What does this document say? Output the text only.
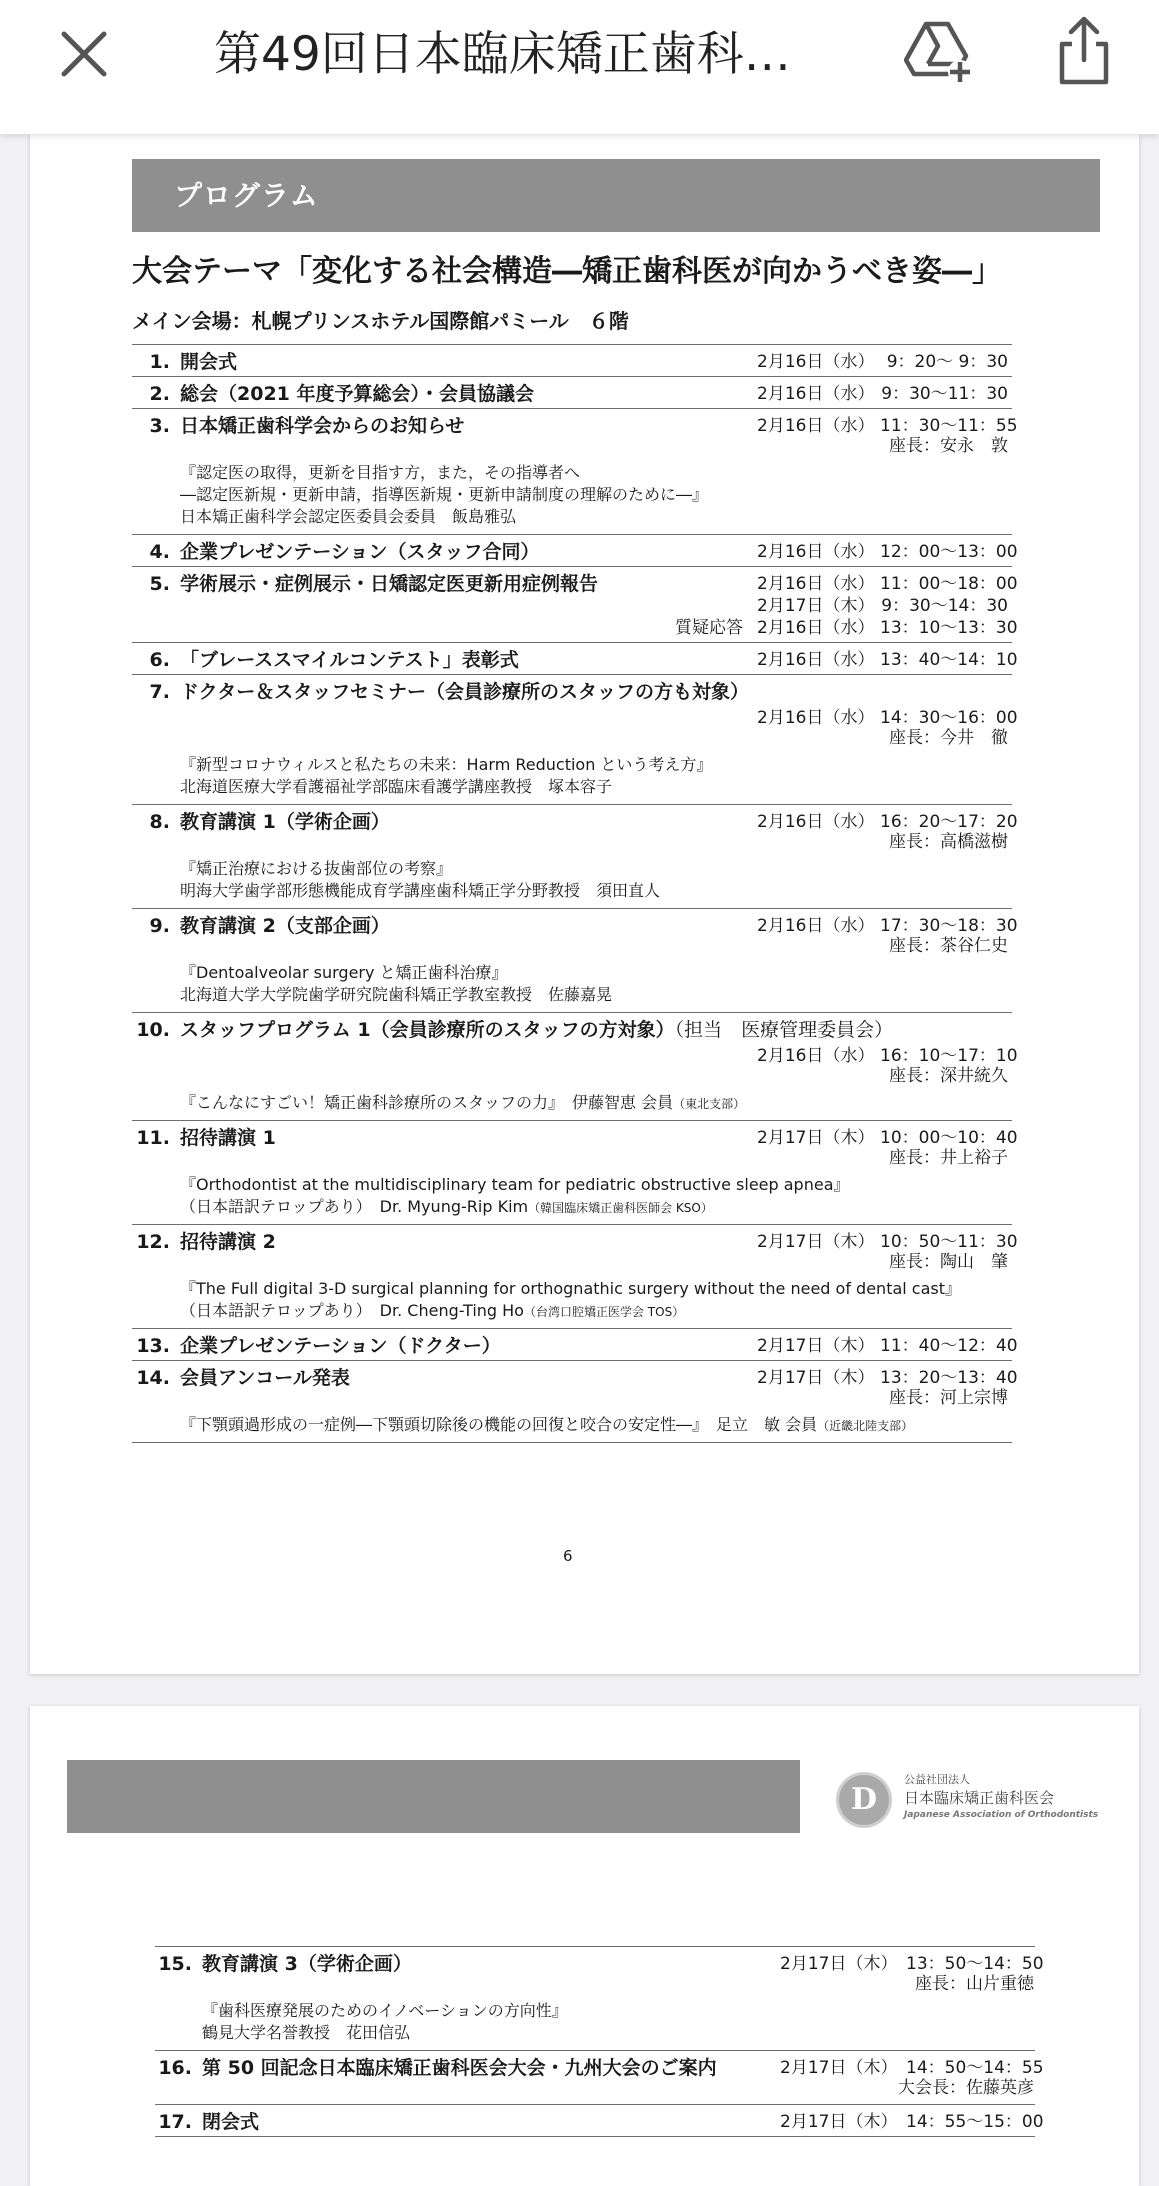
第49回日本臨床矯正歯科…
プログラム
大会テーマ「変化する社会構造―矯正歯科医が向かうべき姿―」
メイン会場：札幌プリンスホテル国際館パミール　６階
1. 開会式	2月16日（水） 9：20～ 9：30
2. 総会（2021 年度予算総会）・会員協議会	2月16日（水） 9：30～11：30
3. 日本矯正歯科学会からのお知らせ	2月16日（水） 11：30～11：55
座長：安永　敦
『認定医の取得，更新を目指す方，また，その指導者へ
―認定医新規・更新申請，指導医新規・更新申請制度の理解のために―』
日本矯正歯科学会認定医委員会委員　飯島雅弘
4. 企業プレゼンテーション（スタッフ合同）	2月16日（水） 12：00～13：00
5. 学術展示・症例展示・日矯認定医更新用症例報告	2月16日（水） 11：00～18：00
2月17日（木） 9：30～14：30
質疑応答 2月16日（水） 13：10～13：30
6. 「ブレーススマイルコンテスト」表彰式	2月16日（水） 13：40～14：10
7. ドクター＆スタッフセミナー（会員診療所のスタッフの方も対象）
2月16日（水） 14：30～16：00
座長：今井　徹
『新型コロナウィルスと私たちの未来：Harm Reduction という考え方』
北海道医療大学看護福祉学部臨床看護学講座教授　塚本容子
8. 教育講演 1（学術企画）	2月16日（水） 16：20～17：20
座長：高橋滋樹
『矯正治療における抜歯部位の考察』
明海大学歯学部形態機能成育学講座歯科矯正学分野教授　須田直人
9. 教育講演 2（支部企画）	2月16日（水） 17：30～18：30
座長：茶谷仁史
『Dentoalveolar surgery と矯正歯科治療』
北海道大学大学院歯学研究院歯科矯正学教室教授　佐藤嘉晃
10. スタッフプログラム 1（会員診療所のスタッフの方対象）（担当　医療管理委員会）
2月16日（水） 16：10～17：10
座長：深井統久
『こんなにすごい！矯正歯科診療所のスタッフの力』　伊藤智恵 会員（東北支部）
11. 招待講演 1	2月17日（木） 10：00～10：40
座長：井上裕子
『Orthodontist at the multidisciplinary team for pediatric obstructive sleep apnea』
（日本語訳テロップあり）　Dr. Myung-Rip Kim（韓国臨床矯正歯科医師会 KSO）
12. 招待講演 2	2月17日（木） 10：50～11：30
座長：陶山　肇
『The Full digital 3-D surgical planning for orthognathic surgery without the need of dental cast』
（日本語訳テロップあり）　Dr. Cheng-Ting Ho（台湾口腔矯正医学会 TOS）
13. 企業プレゼンテーション（ドクター）	2月17日（木） 11：40～12：40
14. 会員アンコール発表	2月17日（木） 13：20～13：40
座長：河上宗博
『下顎頭過形成の一症例―下顎頭切除後の機能の回復と咬合の安定性―』　足立　敏 会員（近畿北陸支部）
6
D
公益社団法人
日本臨床矯正歯科医会
Japanese Association of Orthodontists
15. 教育講演 3（学術企画）	2月17日（木） 13：50～14：50
座長：山片重徳
『歯科医療発展のためのイノベーションの方向性』
鶴見大学名誉教授　花田信弘
16. 第 50 回記念日本臨床矯正歯科医会大会・九州大会のご案内	2月17日（木） 14：50～14：55
大会長：佐藤英彦
17. 閉会式	2月17日（木） 14：55～15：00
